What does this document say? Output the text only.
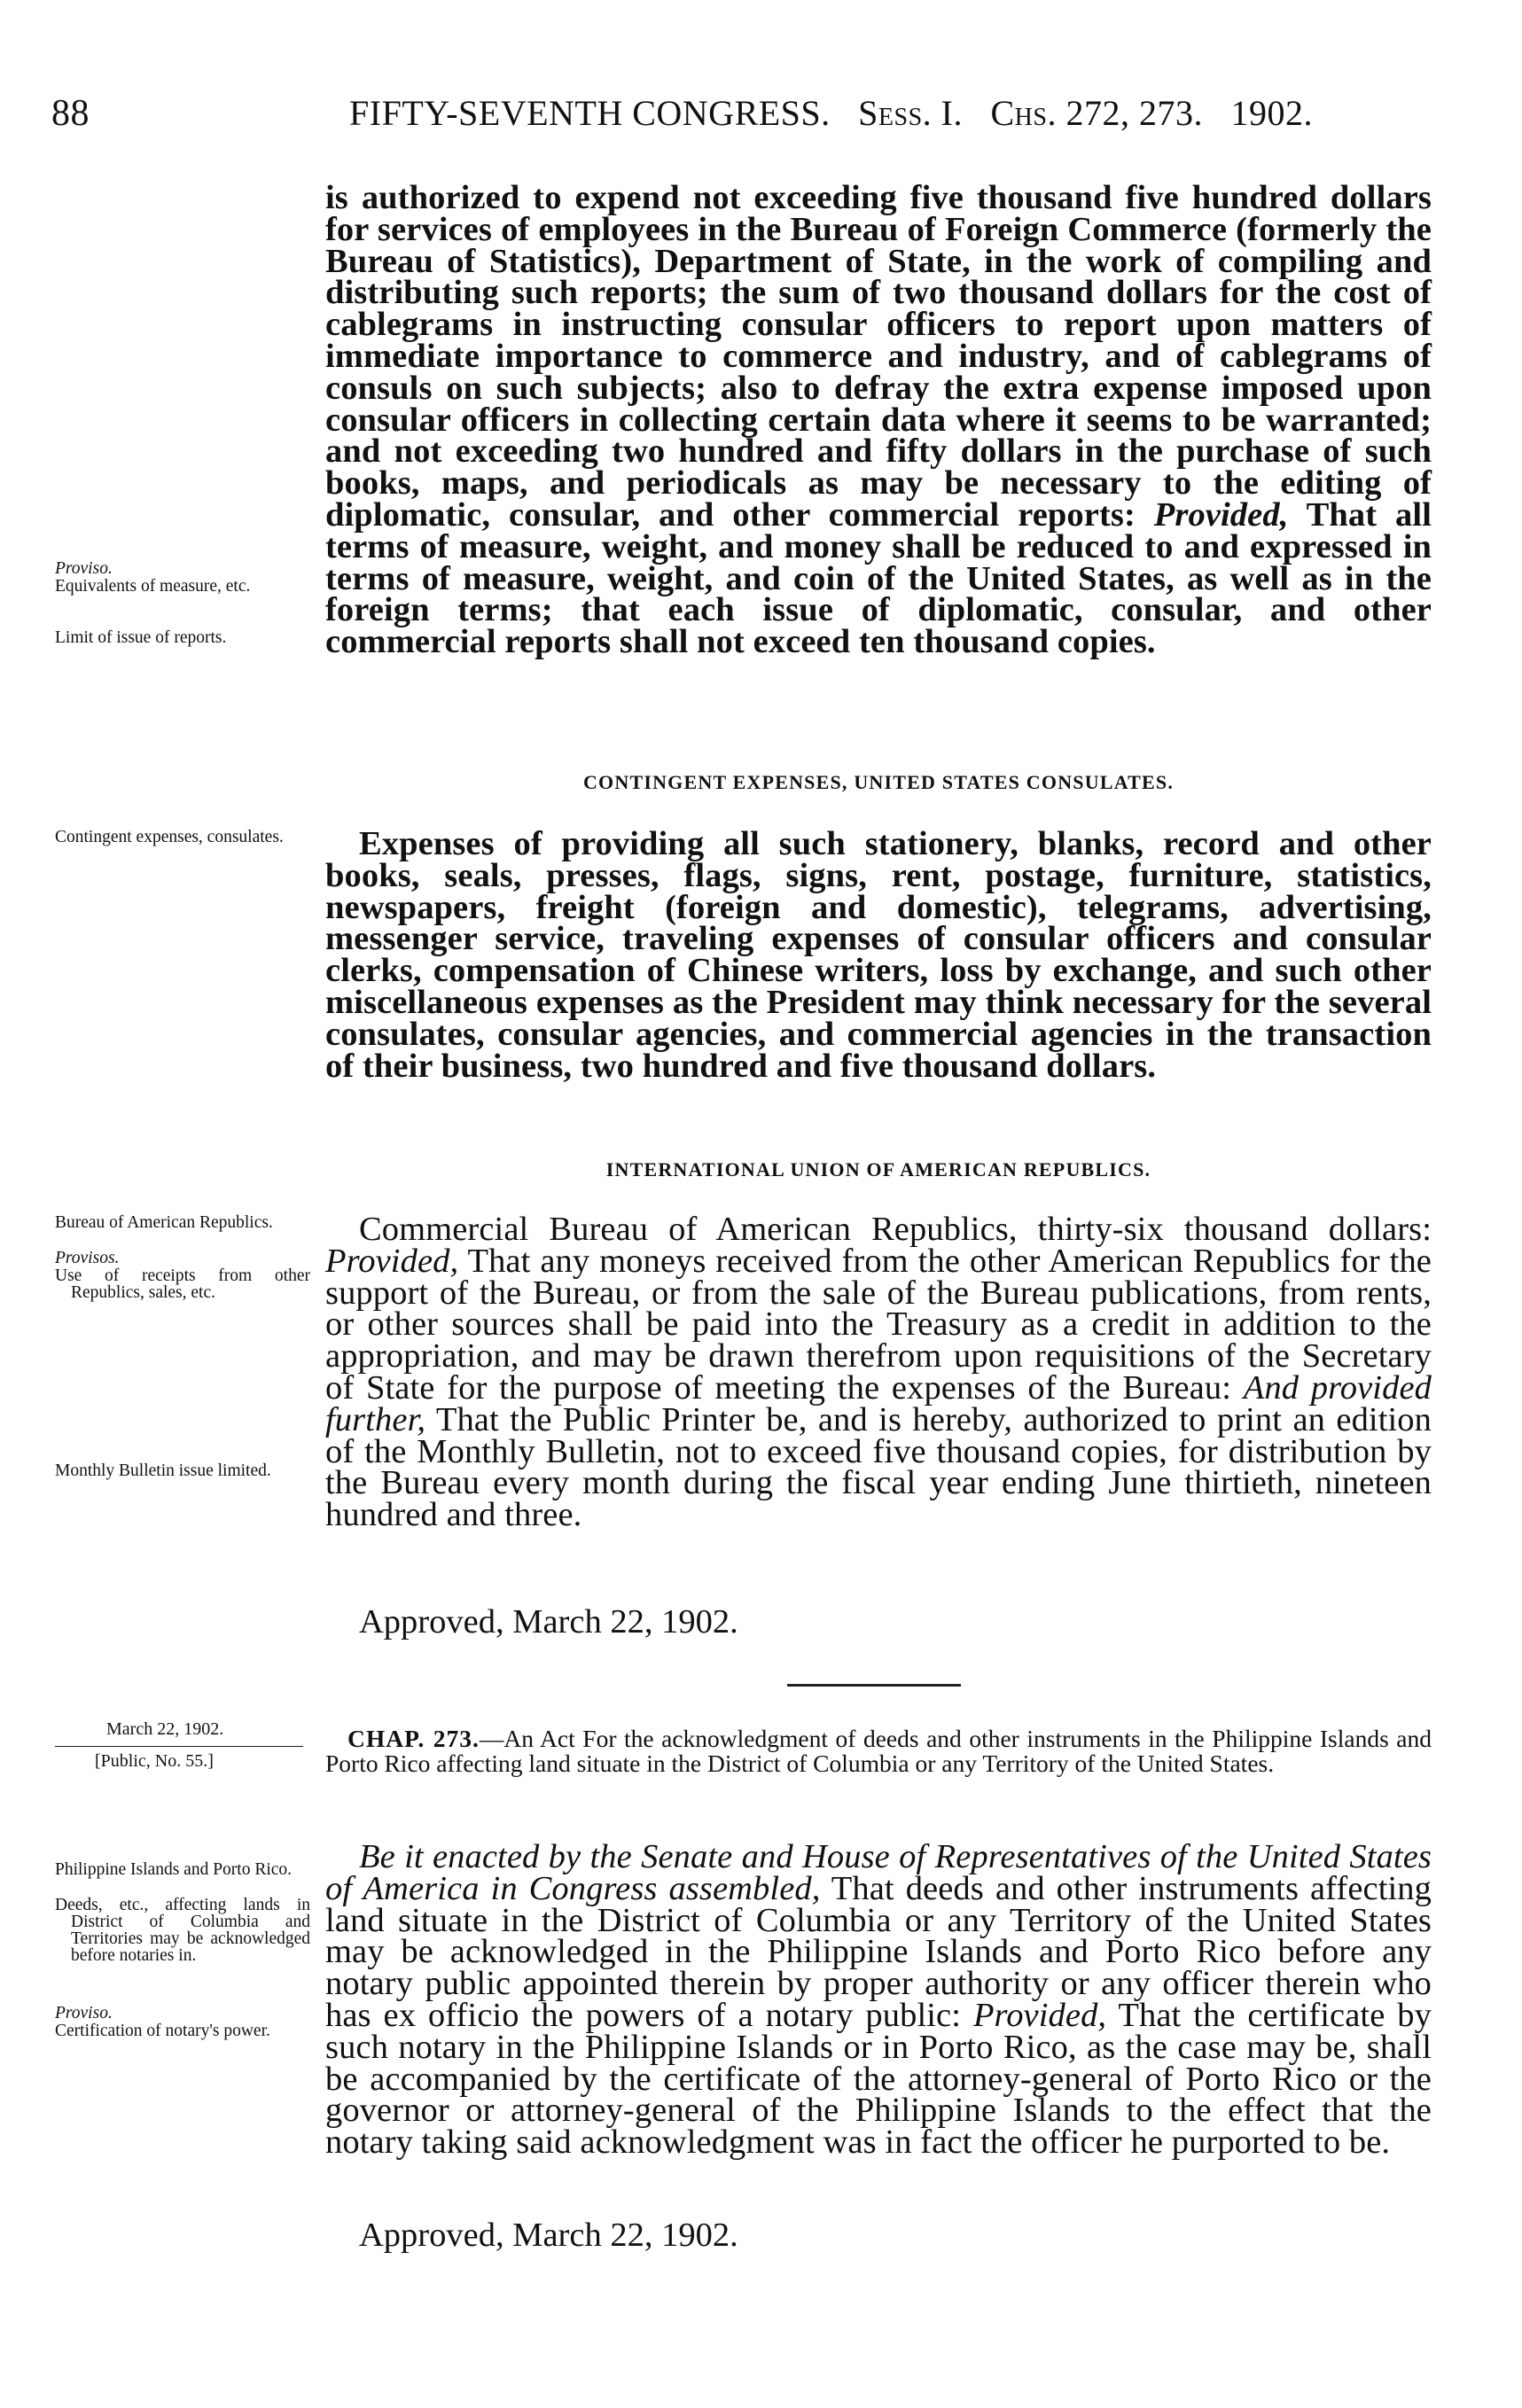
88	FIFTY-SEVENTH CONGRESS. Sess. I. Chs. 272, 273. 1902.

is authorized to expend not exceeding five thousand five hundred dollars for services of employees in the Bureau of Foreign Commerce (formerly the Bureau of Statistics), Department of State, in the work of compiling and distributing such reports; the sum of two thousand dollars for the cost of cablegrams in instructing consular officers to report upon matters of immediate importance to commerce and industry, and of cablegrams of consuls on such subjects; also to defray the extra expense imposed upon consular officers in collecting certain data where it seems to be warranted; and not exceeding two hundred and fifty dollars in the purchase of such books, maps, and periodicals as may be necessary to the editing of diplomatic, consular, and other commercial reports: Provided, That all terms of measure, weight, and money shall be reduced to and expressed in terms of measure, weight, and coin of the United States, as well as in the foreign terms; that each issue of diplomatic, consular, and other commercial reports shall not exceed ten thousand copies.

Proviso.
Equivalents of measure, etc.
Limit of issue of reports.
CONTINGENT EXPENSES, UNITED STATES CONSULATES.
Contingent expenses, consulates.	Expenses of providing all such stationery, blanks, record and other books, seals, presses, flags, signs, rent, postage, furniture, statistics, newspapers, freight (foreign and domestic), telegrams, advertising, messenger service, traveling expenses of consular officers and consular clerks, compensation of Chinese writers, loss by exchange, and such other miscellaneous expenses as the President may think necessary for the several consulates, consular agencies, and commercial agencies in the transaction of their business, two hundred and five thousand dollars.

INTERNATIONAL UNION OF AMERICAN REPUBLICS.
Bureau of American Republics.
Provisos.
Use of receipts from other Republics, sales, etc.
Monthly Bulletin issue limited.

Commercial Bureau of American Republics, thirty-six thousand dollars: Provided, That any moneys received from the other American Republics for the support of the Bureau, or from the sale of the Bureau publications, from rents, or other sources shall be paid into the Treasury as a credit in addition to the appropriation, and may be drawn therefrom upon requisitions of the Secretary of State for the purpose of meeting the expenses of the Bureau: And provided further, That the Public Printer be, and is hereby, authorized to print an edition of the Monthly Bulletin, not to exceed five thousand copies, for distribution by the Bureau every month during the fiscal year ending June thirtieth, nineteen hundred and three.

Approved, March 22, 1902.
March 22, 1902.
[Public, No. 55.]
CHAP. 273.—An Act For the acknowledgment of deeds and other instruments in the Philippine Islands and Porto Rico affecting land situate in the District of Columbia or any Territory of the United States.
Philippine Islands and Porto Rico.
Deeds, etc., affecting lands in District of Columbia and Territories may be acknowledged before notaries in.
Proviso.
Certification of notary's power.

Be it enacted by the Senate and House of Representatives of the United States of America in Congress assembled, That deeds and other instruments affecting land situate in the District of Columbia or any Territory of the United States may be acknowledged in the Philippine Islands and Porto Rico before any notary public appointed therein by proper authority or any officer therein who has ex officio the powers of a notary public: Provided, That the certificate by such notary in the Philippine Islands or in Porto Rico, as the case may be, shall be accompanied by the certificate of the attorney-general of Porto Rico or the governor or attorney-general of the Philippine Islands to the effect that the notary taking said acknowledgment was in fact the officer he purported to be.

Approved, March 22, 1902.
